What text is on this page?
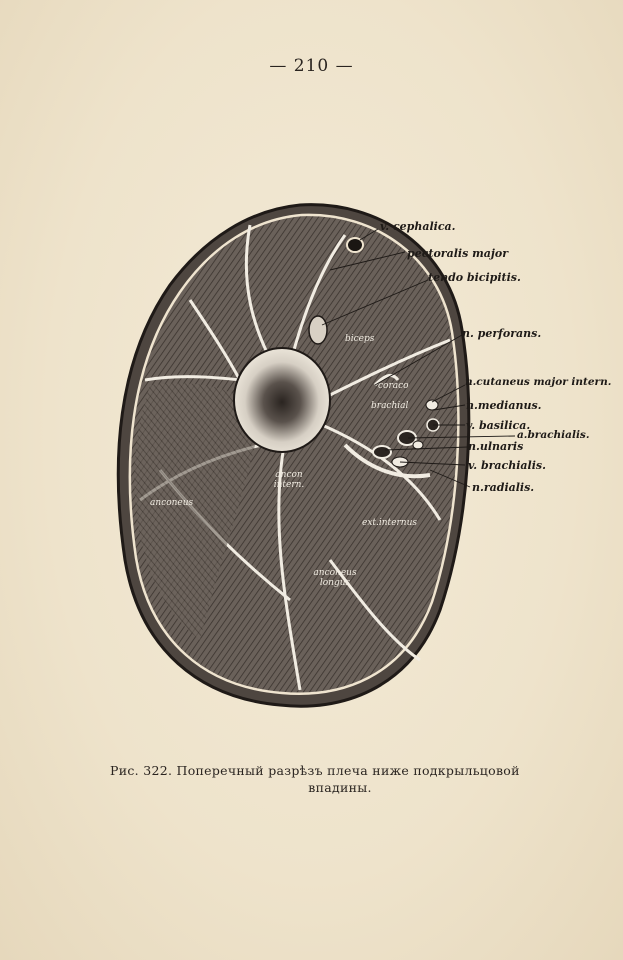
— 210 —
biceps
coraco
brachial
ancon intern.
ext.internus
anconeus longus
anconeus
v. cephalica.
pectoralis major
tendo bicipitis.
n. perforans.
n.cutaneus major intern.
n.medianus.
v. basilica.
a.brachialis.
n.ulnaris
v. brachialis.
n.radialis.
Рис. 322. Поперечный разрѣзъ плеча ниже подкрыльцовой
впадины.
